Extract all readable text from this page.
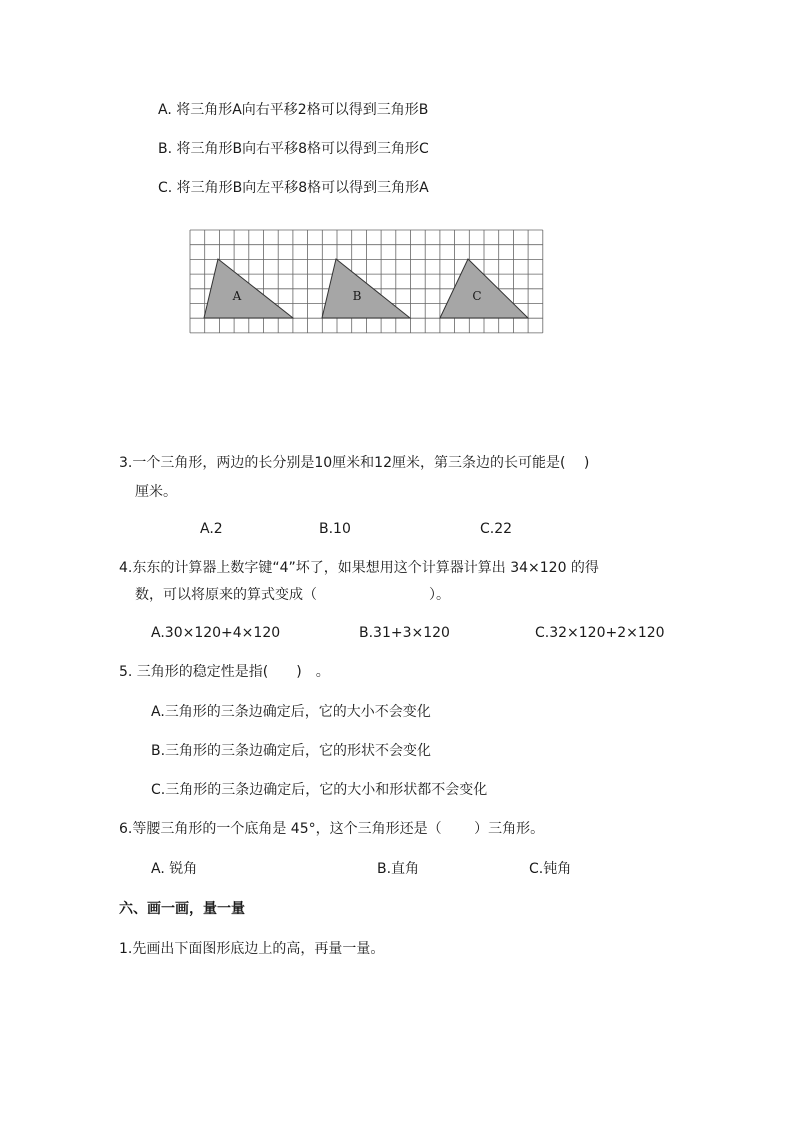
A. 将三角形A向右平移2格可以得到三角形B
B. 将三角形B向右平移8格可以得到三角形C
C. 将三角形B向左平移8格可以得到三角形A
A	B	C
3.一个三角形，两边的长分别是10厘米和12厘米，第三条边的长可能是(　 )
厘米。
A.2	B.10	C.22
4.东东的计算器上数字键“4”坏了，如果想用这个计算器计算出 34×120 的得
数，可以将原来的算式变成（　　　　　　　　）。
A.30×120+4×120	B.31+3×120	C.32×120+2×120
5. 三角形的稳定性是指(　　)　。
A.三角形的三条边确定后，它的大小不会变化
B.三角形的三条边确定后，它的形状不会变化
C.三角形的三条边确定后，它的大小和形状都不会变化
6.等腰三角形的一个底角是 45°，这个三角形还是（　　 ）三角形。
A. 锐角	B.直角	C.钝角
六、画一画，量一量
1.先画出下面图形底边上的高，再量一量。
